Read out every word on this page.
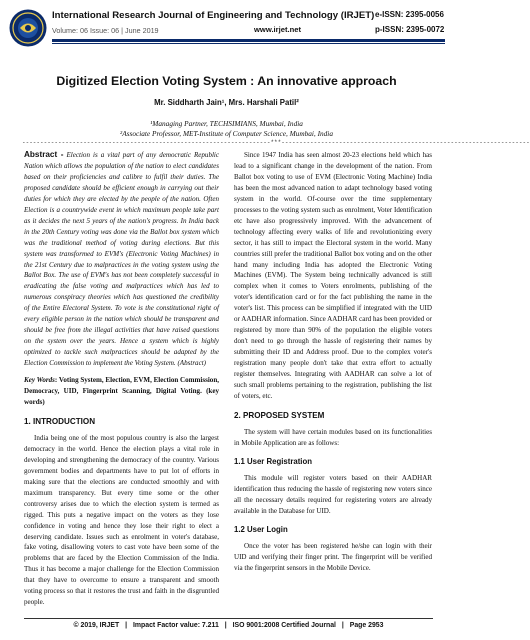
International Research Journal of Engineering and Technology (IRJET) e-ISSN: 2395-0056
Volume: 06 Issue: 06 | June 2019	www.irjet.net	p-ISSN: 2395-0072
Digitized Election Voting System : An innovative approach
Mr. Siddharth Jain¹, Mrs. Harshali Patil²
¹Managing Partner, TECHSIMIANS, Mumbai, India
²Associate Professor, MET-Institute of Computer Science, Mumbai, India
---------------------------------------------------------------------***---------------------------------------------------------------------

Abstract - Election is a vital part of any democratic Republic Nation which allows the population of the nation to elect candidates based on their proficiencies and calibre to fulfil their duties. The proposed candidate should be efficient enough in carrying out their duties for which they are elected by the people of the nation. Often Election is a countrywide event in which maximum people take part as it decides the next 5 years of the nation's progress. In India back in the 20th Century voting was done via the Ballot box system which was the traditional method of voting during elections. But this system was transformed to EVM's (Electronic Voting Machines) in the 21st Century due to malpractices in the voting system using the Ballot Box. The use of EVM's has not been completely successful in eradicating the false voting and malpractices which has led to numerous conspiracy theories which has questioned the credibility of the Entire Electoral System. To vote is the constitutional right of every eligible person in the nation which should be transparent and should be free from the illegal activities that have raised questions on the system over the years. Hence a system which is highly optimized to tackle such malpractices should be adapted by the Election Commission to implement the Voting System. (Abstract)

Key Words: Voting System, Election, EVM, Election Commission, Democracy, UID, Fingerprint Scanning, Digital Voting. (key words)

1. INTRODUCTION

India being one of the most populous country is also the largest democracy in the world. Hence the election plays a vital role in developing and strengthening the democracy of the country. Various government bodies and departments have to put lot of efforts in making sure that the elections are conducted smoothly and with maximum transparency. But every time some or the other controversy arises due to which the election system is termed as rigged. This puts a negative impact on the voters as they lose confidence in voting and hence they lose their right to elect a deserving candidate. Issues such as enrolment in voter's database, fake voting, disallowing voters to cast vote have been some of the problems that are faced by the Election Commission of the India. Thus it has become a major challenge for the Election Commission that they have to overcome to ensure a transparent and smooth voting process so that it restores the trust and faith in the disgruntled people.

Since 1947 India has seen almost 20-23 elections held which has lead to a significant change in the development of the nation. From Ballot box voting to use of EVM (Electronic Voting Machine) India has been the most advanced nation to adapt technology based voting system in the world. Of-course over the time supplementary processes to the voting system such as enrolment, Voter Identification etc have also progressively improved. With the advancement of technology affecting every walks of life and revolutionizing every sector, it has still to impact the Electoral system in the world. Many countries still prefer the traditional Ballot box voting and on the other hand many including India has adopted the Electronic Voting Machines (EVM). The System being technically advanced is still complex when it comes to Voters enrolments, publishing of the voter's identification card or for the fact publishing the name in the voter's list. This process can be simplified if integrated with the UID or AADHAR information. Since AADHAR card has been provided or registered by more than 90% of the population the eligible voters don't need to go through the hassle of registering their names by submitting their ID and Address proof. Due to the complex voter's registration many people don't take that extra effort to actually register themselves. Integrating with AADHAR can solve a lot of such small problems pertaining to the registration, publishing the list of voters, etc.

2. PROPOSED SYSTEM

The system will have certain modules based on its functionalities in Mobile Application are as follows:

1.1 User Registration

This module will register voters based on their AADHAR identification thus reducing the hassle of registering new voters since all the necessary details required for registering voters are already available in the Database for UID.

1.2 User Login

Once the voter has been registered he/she can login with their UID and verifying their finger print. The fingerprint will be verified via the fingerprint sensors in the Mobile Device.

© 2019, IRJET | Impact Factor value: 7.211 | ISO 9001:2008 Certified Journal | Page 2953
